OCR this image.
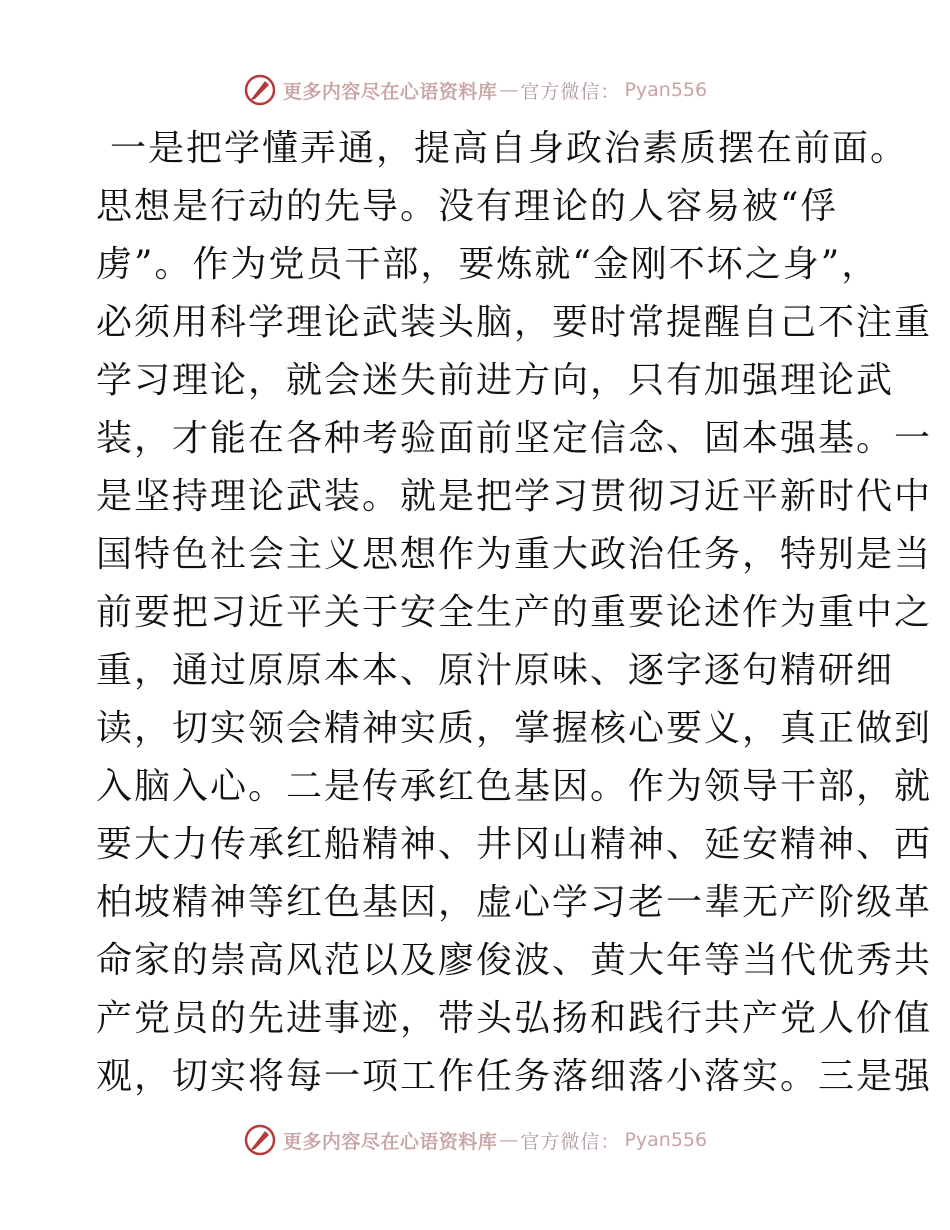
更多内容尽在心语资料库 — 官方微信： Pyan556
一是把学懂弄通，提高自身政治素质摆在前面。
思想是行动的先导。没有理论的人容易被“俘
虏”。作为党员干部，要炼就“金刚不坏之身”，
必须用科学理论武装头脑，要时常提醒自己不注重
学习理论，就会迷失前进方向，只有加强理论武
装，才能在各种考验面前坚定信念、固本强基。一
是坚持理论武装。就是把学习贯彻习近平新时代中
国特色社会主义思想作为重大政治任务，特别是当
前要把习近平关于安全生产的重要论述作为重中之
重，通过原原本本、原汁原味、逐字逐句精研细
读，切实领会精神实质，掌握核心要义，真正做到
入脑入心。二是传承红色基因。作为领导干部，就
要大力传承红船精神、井冈山精神、延安精神、西
柏坡精神等红色基因，虚心学习老一辈无产阶级革
命家的崇高风范以及廖俊波、黄大年等当代优秀共
产党员的先进事迹，带头弘扬和践行共产党人价值
观，切实将每一项工作任务落细落小落实。三是强
更多内容尽在心语资料库 — 官方微信： Pyan556
